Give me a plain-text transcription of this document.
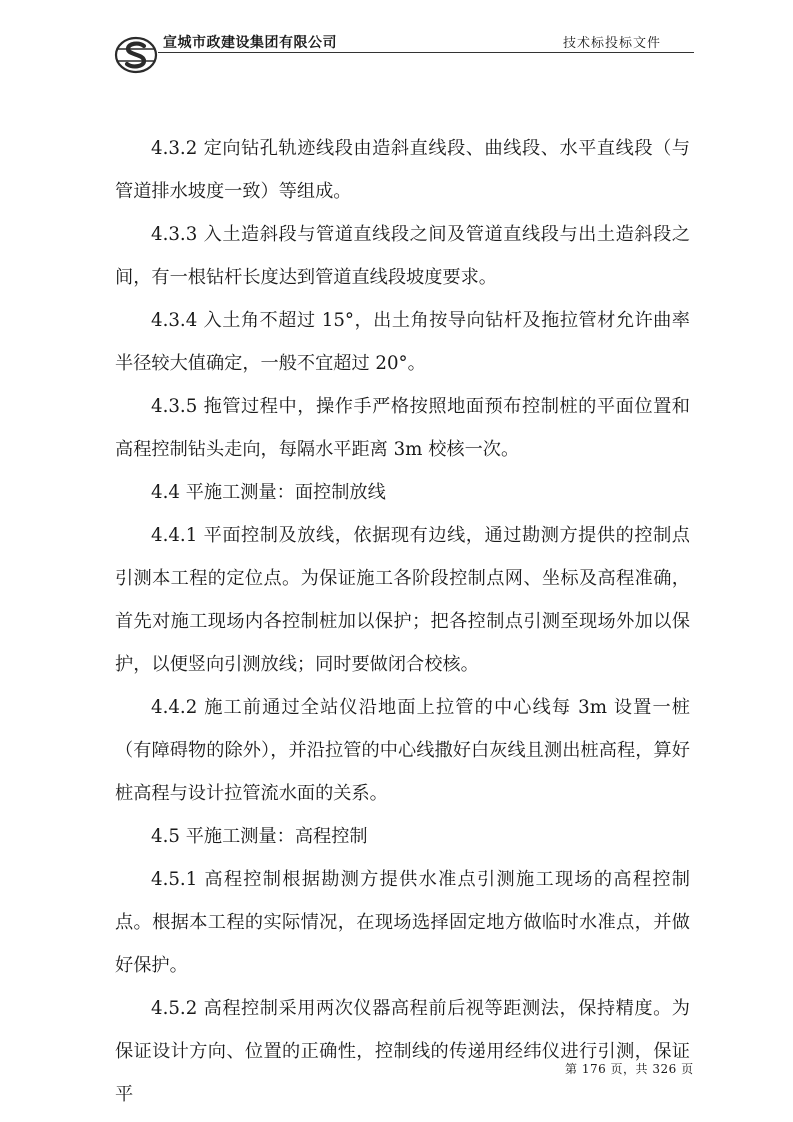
宣城市政建设集团有限公司	技术标投标文件

4.3.2 定向钻孔轨迹线段由造斜直线段、曲线段、水平直线段（与管道排水坡度一致）等组成。

4.3.3 入土造斜段与管道直线段之间及管道直线段与出土造斜段之间，有一根钻杆长度达到管道直线段坡度要求。

4.3.4 入土角不超过 15°，出土角按导向钻杆及拖拉管材允许曲率半径较大值确定，一般不宜超过 20°。

4.3.5 拖管过程中，操作手严格按照地面预布控制桩的平面位置和高程控制钻头走向，每隔水平距离 3m 校核一次。

4.4 平施工测量：面控制放线

4.4.1 平面控制及放线，依据现有边线，通过勘测方提供的控制点引测本工程的定位点。为保证施工各阶段控制点网、坐标及高程准确，首先对施工现场内各控制桩加以保护；把各控制点引测至现场外加以保护，以便竖向引测放线；同时要做闭合校核。

4.4.2 施工前通过全站仪沿地面上拉管的中心线每 3m 设置一桩（有障碍物的除外），并沿拉管的中心线撒好白灰线且测出桩高程，算好桩高程与设计拉管流水面的关系。

4.5 平施工测量：高程控制

4.5.1 高程控制根据勘测方提供水准点引测施工现场的高程控制点。根据本工程的实际情况，在现场选择固定地方做临时水准点，并做好保护。

4.5.2 高程控制采用两次仪器高程前后视等距测法，保持精度。为保证设计方向、位置的正确性，控制线的传递用经纬仪进行引测，保证平

第 176 页，共 326 页
